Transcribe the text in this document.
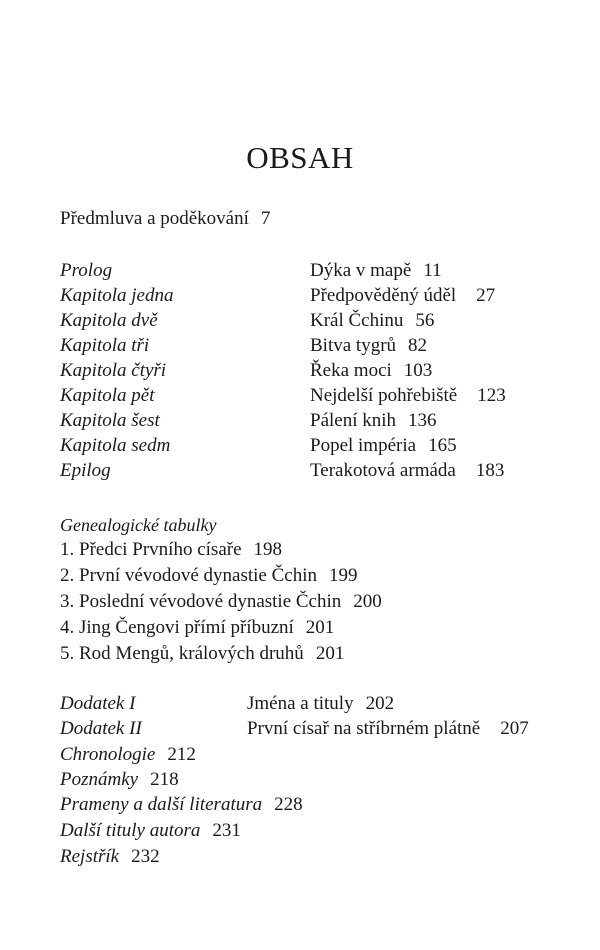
OBSAH
Předmluva a poděkování 7
Prolog	Dýka v mapě 11
Kapitola jedna	Předpověděný úděl 27
Kapitola dvě	Král Čchinu 56
Kapitola tři	Bitva tygrů 82
Kapitola čtyři	Řeka moci 103
Kapitola pět	Nejdelší pohřebiště 123
Kapitola šest	Pálení knih 136
Kapitola sedm	Popel impéria 165
Epilog	Terakotová armáda 183
Genealogické tabulky
1. Předci Prvního císaře 198
2. První vévodové dynastie Čchin 199
3. Poslední vévodové dynastie Čchin 200
4. Jing Čengovi přímí příbuzní 201
5. Rod Mengů, králových druhů 201
Dodatek I	Jména a tituly 202
Dodatek II	První císař na stříbrném plátně 207
Chronologie 212
Poznámky 218
Prameny a další literatura 228
Další tituly autora 231
Rejstřík 232
